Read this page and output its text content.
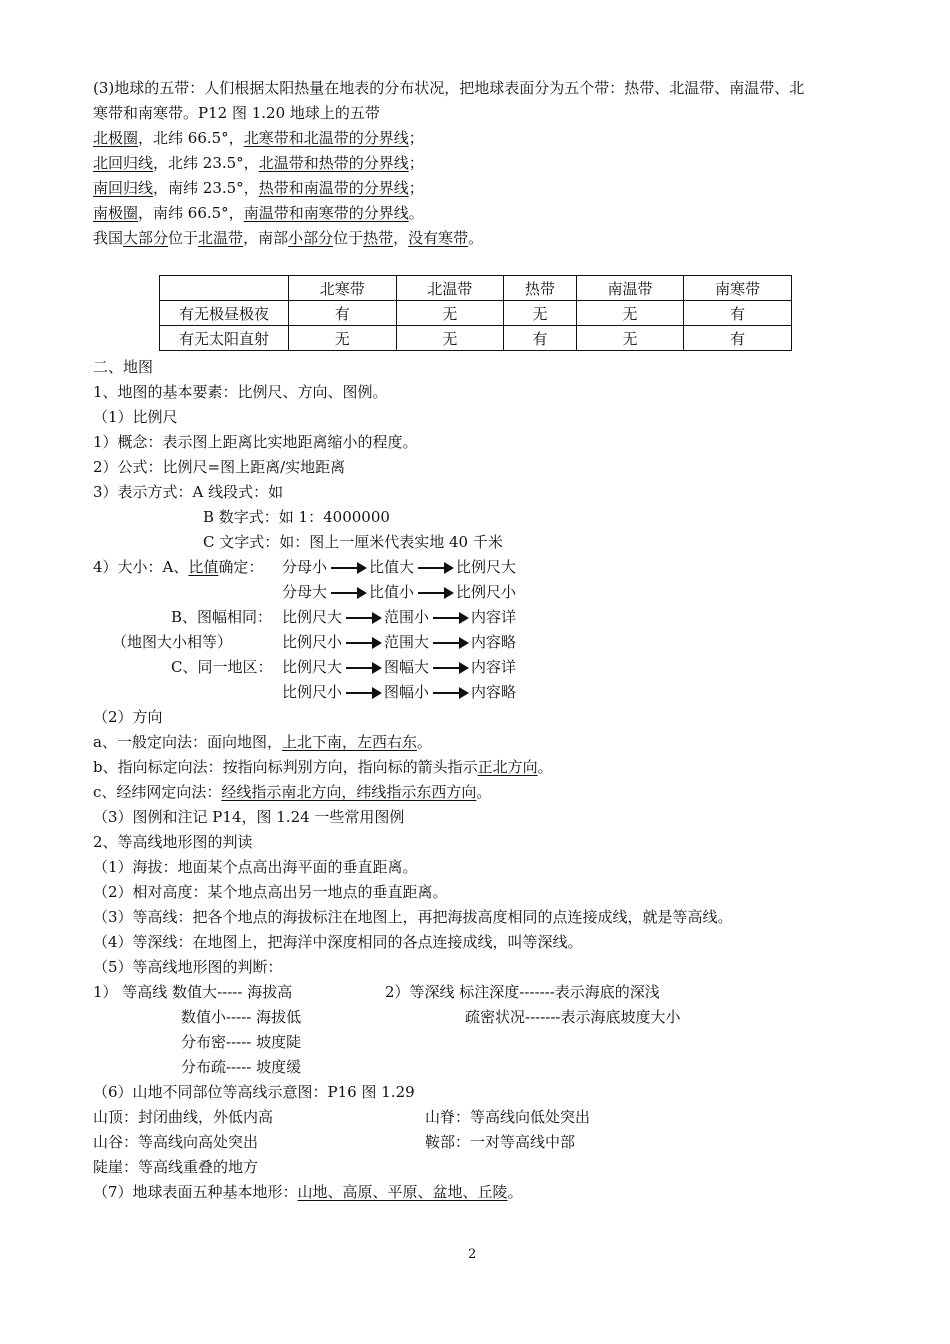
(3)地球的五带：人们根据太阳热量在地表的分布状况，把地球表面分为五个带：热带、北温带、南温带、北
寒带和南寒带。P12 图 1.20 地球上的五带
北极圈，北纬 66.5°，北寒带和北温带的分界线；
北回归线，北纬 23.5°，北温带和热带的分界线；
南回归线，南纬 23.5°，热带和南温带的分界线；
南极圈，南纬 66.5°，南温带和南寒带的分界线。
我国大部分位于北温带，南部小部分位于热带，没有寒带。
	北寒带	北温带	热带	南温带	南寒带
有无极昼极夜	有	无	无	无	有
有无太阳直射	无	无	有	无	有
二、地图
1、地图的基本要素：比例尺、方向、图例。
（1）比例尺
1）概念：表示图上距离比实地距离缩小的程度。
2）公式：比例尺=图上距离/实地距离
3）表示方式：A 线段式：如
B 数字式：如 1：4000000
C 文字式：如：图上一厘米代表实地 40 千米
4）大小：A、比值确定： 分母小	比值大	比例尺大
分母大	比值小	比例尺小
B、图幅相同： 比例尺大	范围小	内容详
（地图大小相等）	比例尺小	范围大	内容略
C、同一地区： 比例尺大	图幅大	内容详
比例尺小	图幅小	内容略
（2）方向
a、一般定向法：面向地图，上北下南，左西右东。
b、指向标定向法：按指向标判别方向，指向标的箭头指示正北方向。
c、经纬网定向法：经线指示南北方向，纬线指示东西方向。
（3）图例和注记 P14，图 1.24 一些常用图例
2、等高线地形图的判读
（1）海拔：地面某个点高出海平面的垂直距离。
（2）相对高度：某个地点高出另一地点的垂直距离。
（3）等高线：把各个地点的海拔标注在地图上，再把海拔高度相同的点连接成线，就是等高线。
（4）等深线：在地图上，把海洋中深度相同的各点连接成线，叫等深线。
（5）等高线地形图的判断：
1） 等高线 数值大----- 海拔高	2）等深线 标注深度-------表示海底的深浅
数值小----- 海拔低	疏密状况-------表示海底坡度大小
分布密----- 坡度陡
分布疏----- 坡度缓
（6）山地不同部位等高线示意图：P16 图 1.29
山顶：封闭曲线，外低内高	山脊：等高线向低处突出
山谷：等高线向高处突出	鞍部：一对等高线中部
陡崖：等高线重叠的地方
（7）地球表面五种基本地形：山地、高原、平原、盆地、丘陵。
2
